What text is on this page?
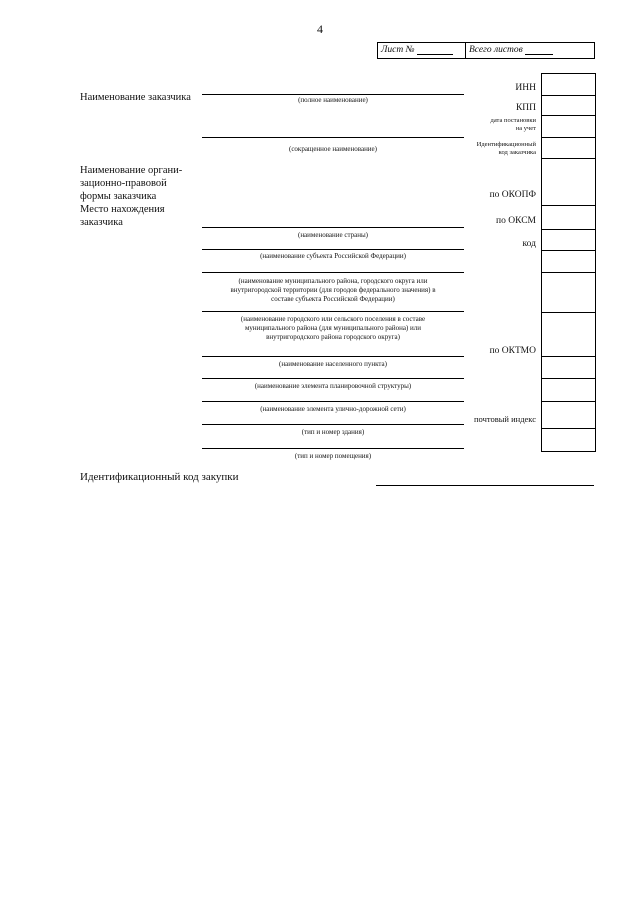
4
Лист №	Всего листов
Наименование заказчика
Наименование органи-
зационно-правовой
формы заказчика
Место нахождения
заказчика
(полное наименование)
(сокращенное наименование)
(наименование страны)
(наименование субъекта Российской Федерации)
(наименование муниципального района, городского округа или
внутригородской территории (для городов федерального значения) в
составе субъекта Российской Федерации)
(наименование городского или сельского поселения в составе
муниципального района (для муниципального района) или
внутригородского района городского округа)
(наименование населенного пункта)
(наименование элемента планировочной структуры)
(наименование элемента улично-дорожной сети)
(тип и номер здания)
(тип и номер помещения)
ИНН
КПП
дата постановки
на учет
Идентификационный
код заказчика
по ОКОПФ
по ОКСМ
код
по ОКТМО
почтовый индекс
Идентификационный код закупки
